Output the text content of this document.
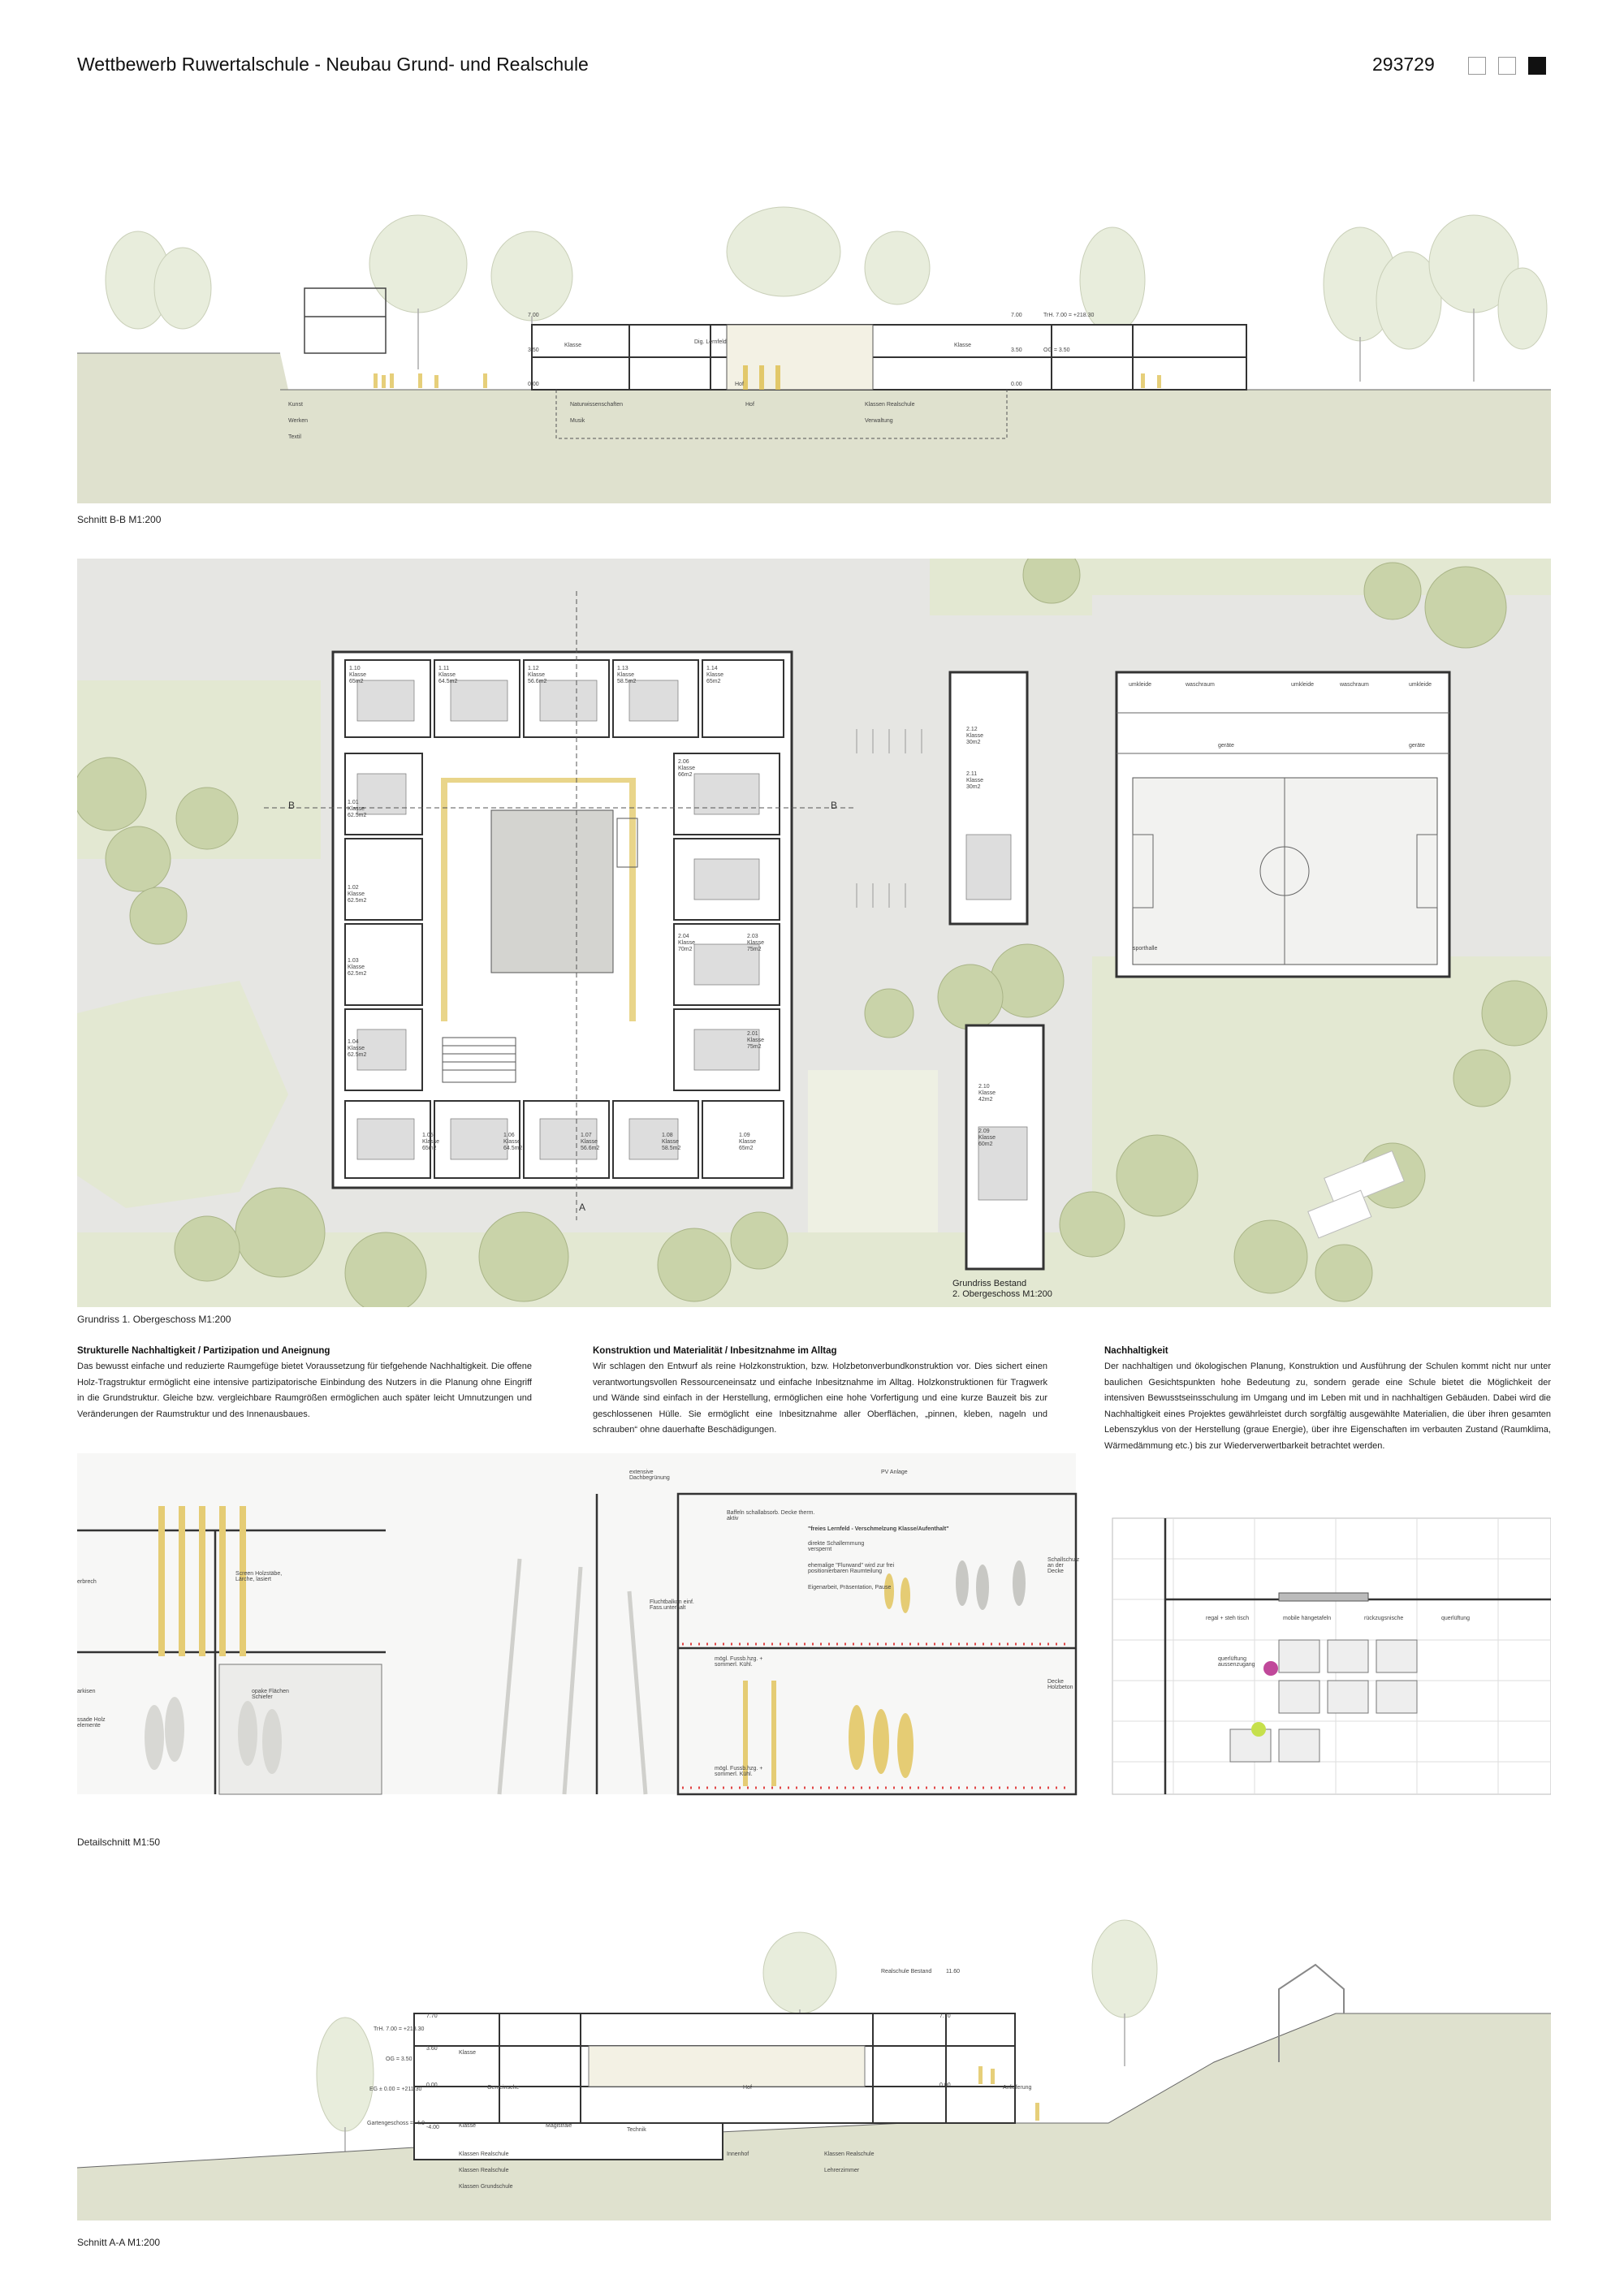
Wettbewerb Ruwertalschule - Neubau Grund- und Realschule	293729
7.00
3.50
0.00
7.00
3.50
0.00
TrH. 7.00 = +218.30
OG = 3.50
Klasse
Dig. Lernfeld
Hof
Klasse
Kunst
Werken
Textil
Naturwissenschaften
Musik
Hof	Klassen Realschule
Verwaltung
Schnitt B-B M1:200
B	B
A
1.10
Klasse
65m2
1.11
Klasse
64.5m2
1.12
Klasse
56.6m2
1.13
Klasse
58.5m2
1.14
Klasse
65m2
1.01
Klasse
62.5m2
1.02
Klasse
62.5m2
1.03
Klasse
62.5m2
1.04
Klasse
62.5m2
2.06
Klasse
66m2
2.04
Klasse
70m2
2.03
Klasse
75m2
2.01
Klasse
75m2
1.05
Klasse
65m2
1.06
Klasse
64.5m2
1.07
Klasse
56.6m2
1.08
Klasse
58.5m2
1.09
Klasse
65m2
2.12
Klasse
30m2
2.11
Klasse
30m2
2.10
Klasse
42m2
2.09
Klasse
60m2
umkleide	waschraum	umkleide	waschraum	umkleide
geräte	geräte
sporthalle
Grundriss Bestand
2. Obergeschoss M1:200
Grundriss 1. Obergeschoss M1:200
Strukturelle Nachhaltigkeit / Partizipation und Aneignung
Das bewusst einfache und reduzierte Raumgefüge bietet Voraussetzung für tiefgehende Nachhaltigkeit. Die offene Holz-Tragstruktur ermöglicht eine intensive partizipatorische Einbindung des Nutzers in die Planung ohne Eingriff in die Grundstruktur. Gleiche bzw. vergleichbare Raumgrößen ermöglichen auch später leicht Umnutzungen und Veränderungen der Raumstruktur und des Innenausbaues.
Konstruktion und Materialität / Inbesitznahme im Alltag
Wir schlagen den Entwurf als reine Holzkonstruktion, bzw. Holzbetonverbundkonstruktion vor. Dies sichert einen verantwortungsvollen Ressourceneinsatz und einfache Inbesitznahme im Alltag. Holzkonstruktionen für Tragwerk und Wände sind einfach in der Herstellung, ermöglichen eine hohe Vorfertigung und eine kurze Bauzeit bis zur geschlossenen Hülle. Sie ermöglicht eine Inbesitznahme aller Oberflächen, „pinnen, kleben, nageln und schrauben“ ohne dauerhafte Beschädigungen.
Nachhaltigkeit
Der nachhaltigen und ökologischen Planung, Konstruktion und Ausführung der Schulen kommt nicht nur unter baulichen Gesichtspunkten hohe Bedeutung zu, sondern gerade eine Schule bietet die Möglichkeit der intensiven Bewusstseinsschulung im Umgang und im Leben mit und in nachhaltigen Gebäuden. Dabei wird die Nachhaltigkeit eines Projektes gewährleistet durch sorgfältig ausgewählte Materialien, die über ihren gesamten Lebenszyklus von der Herstellung (graue Energie), über ihre Eigenschaften im verbauten Zustand (Raumklima, Wärmedämmung etc.) bis zur Wiederverwertbarkeit betrachtet werden.
erbrech
Screen Holzstäbe, Lärche, lasiert
arkisen
ssade Holz elemente
opake Flächen Schiefer
extensive Dachbegrünung
PV Anlage
Baffeln schallabsorb. Decke therm. aktiv
"freies Lernfeld - Verschmelzung Klasse/Aufenthalt"
direkte Schallemmung verspernt
ehemalige "Flurwand" wird zur frei positionierbaren Raumteilung
Eigenarbeit, Präsentation, Pause
Fluchtbalkon einf. Fass.unterhalt
mögl. Fussb.hzg. + sommerl. Kühl.
Decke Holzbeton
mögl. Fussb.hzg. + sommerl. Kühl.
Schallschutz an der Decke
regal + steh tisch	mobile hängetafeln	rückzugsnische	querlüftung
querlüftung aussenzugang
Detailschnitt M1:50
TrH. 7.00 = +218.30
OG = 3.50
EG ± 0.00 = +211.30
Gartengeschoss = -4.0
7.70
3.60
0.00
-4.00
7.70
0.00
Realschule Bestand	11.60
Klasse
Gemeinsche
Magistrale
Klasse
Hof
Technik
Anlieferung
Klassen Realschule
Klassen Realschule
Klassen Grundschule
Innenhof	Klassen Realschule
Lehrerzimmer
Schnitt A-A M1:200
